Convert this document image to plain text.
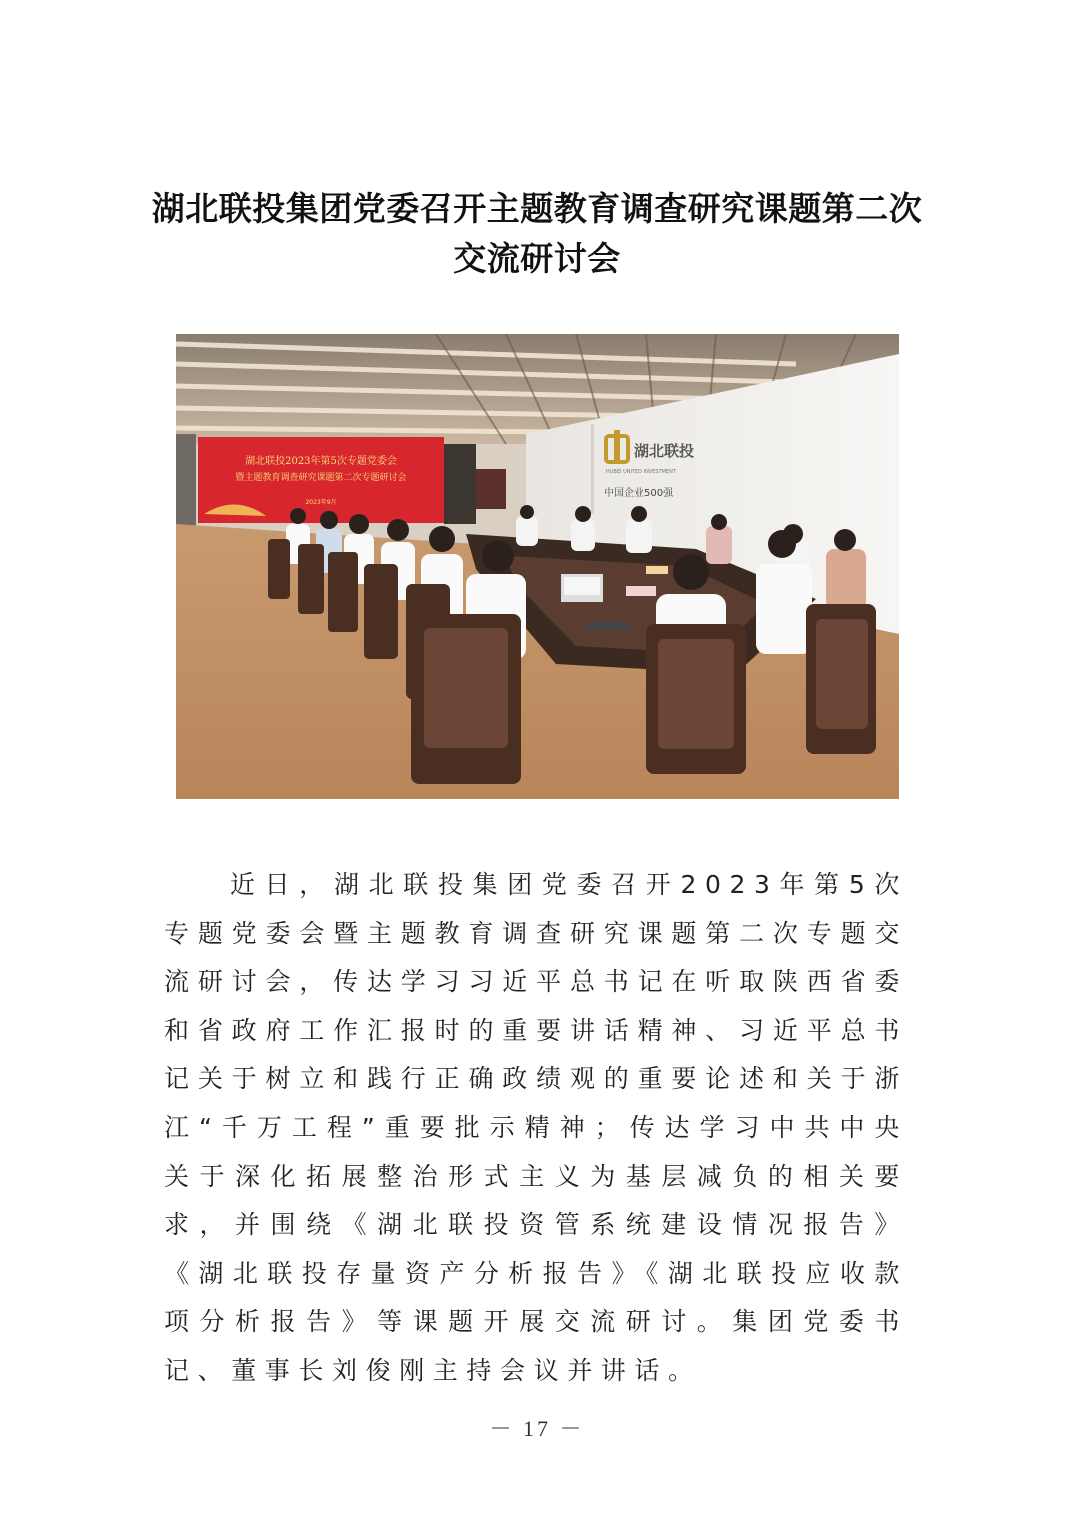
湖北联投集团党委召开主题教育调查研究课题第二次
交流研讨会
湖北联投2023年第5次专题党委会
暨主题教育调查研究课题第二次专题研讨会
2023年9月
湖北联投
HUBEI UNITED INVESTMENT
中国企业500强

近日，湖北联投集团党委召开2023年第5次专题党委会暨主题教育调查研究课题第二次专题交流研讨会，传达学习习近平总书记在听取陕西省委和省政府工作汇报时的重要讲话精神、习近平总书记关于树立和践行正确政绩观的重要论述和关于浙江“千万工程”重要批示精神；传达学习中共中央关于深化拓展整治形式主义为基层减负的相关要求，并围绕《湖北联投资管系统建设情况报告》《湖北联投存量资产分析报告》《湖北联投应收款项分析报告》等课题开展交流研讨。集团党委书记、董事长刘俊刚主持会议并讲话。

－ 17 －
